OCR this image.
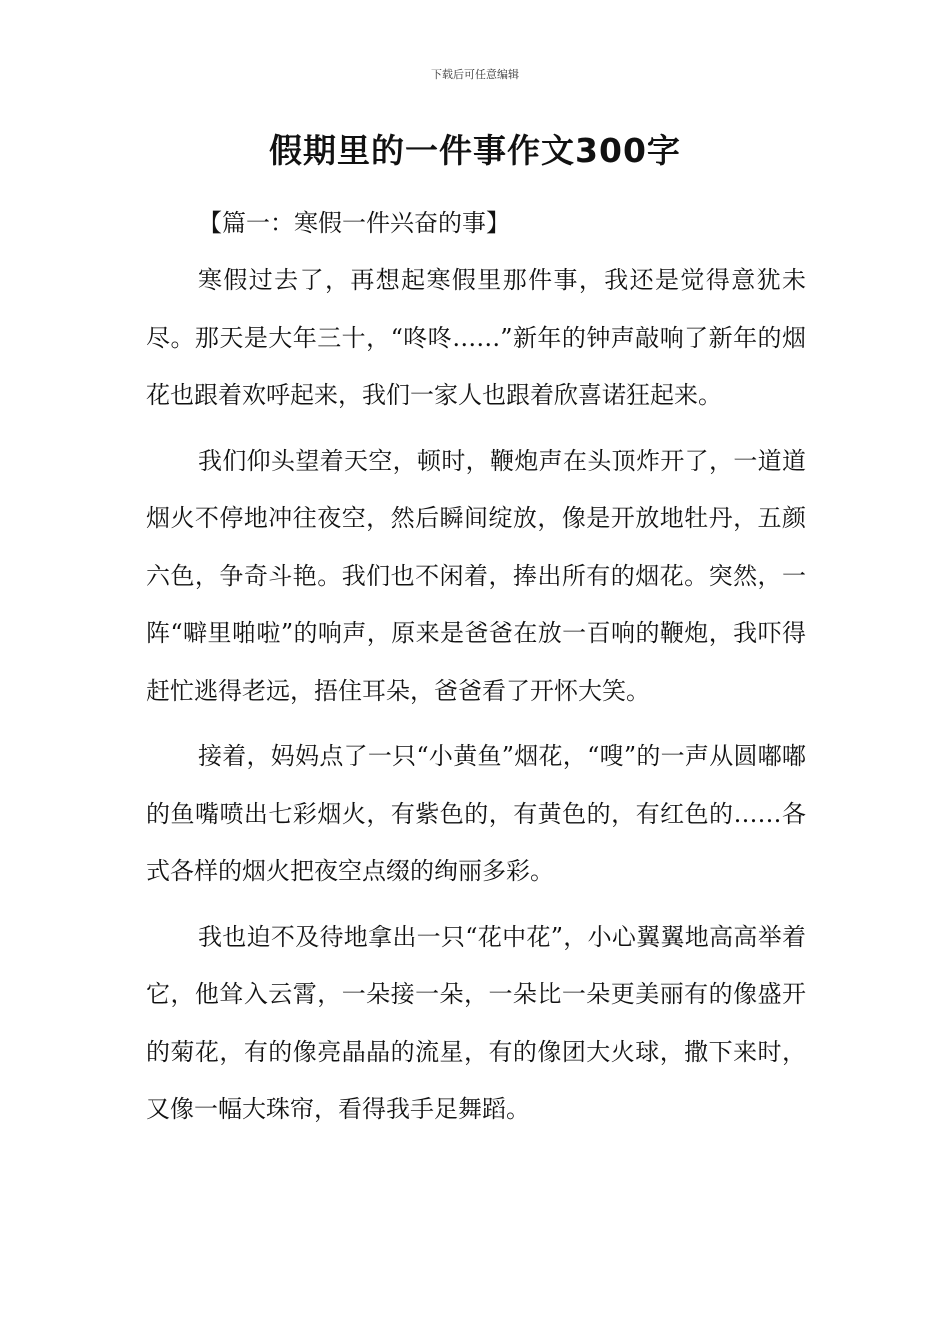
下载后可任意编辑
假期里的一件事作文300字
【篇一：寒假一件兴奋的事】

寒假过去了，再想起寒假里那件事，我还是觉得意犹未尽。那天是大年三十，“咚咚……”新年的钟声敲响了新年的烟花也跟着欢呼起来，我们一家人也跟着欣喜诺狂起来。

我们仰头望着天空，顿时，鞭炮声在头顶炸开了，一道道烟火不停地冲往夜空，然后瞬间绽放，像是开放地牡丹，五颜六色，争奇斗艳。我们也不闲着，捧出所有的烟花。突然，一阵“噼里啪啦”的响声，原来是爸爸在放一百响的鞭炮，我吓得赶忙逃得老远，捂住耳朵，爸爸看了开怀大笑。

接着，妈妈点了一只“小黄鱼”烟花，“嗖”的一声从圆嘟嘟的鱼嘴喷出七彩烟火，有紫色的，有黄色的，有红色的……各式各样的烟火把夜空点缀的绚丽多彩。

我也迫不及待地拿出一只“花中花”，小心翼翼地高高举着它，他耸入云霄，一朵接一朵，一朵比一朵更美丽有的像盛开的菊花，有的像亮晶晶的流星，有的像团大火球，撒下来时，又像一幅大珠帘，看得我手足舞蹈。
